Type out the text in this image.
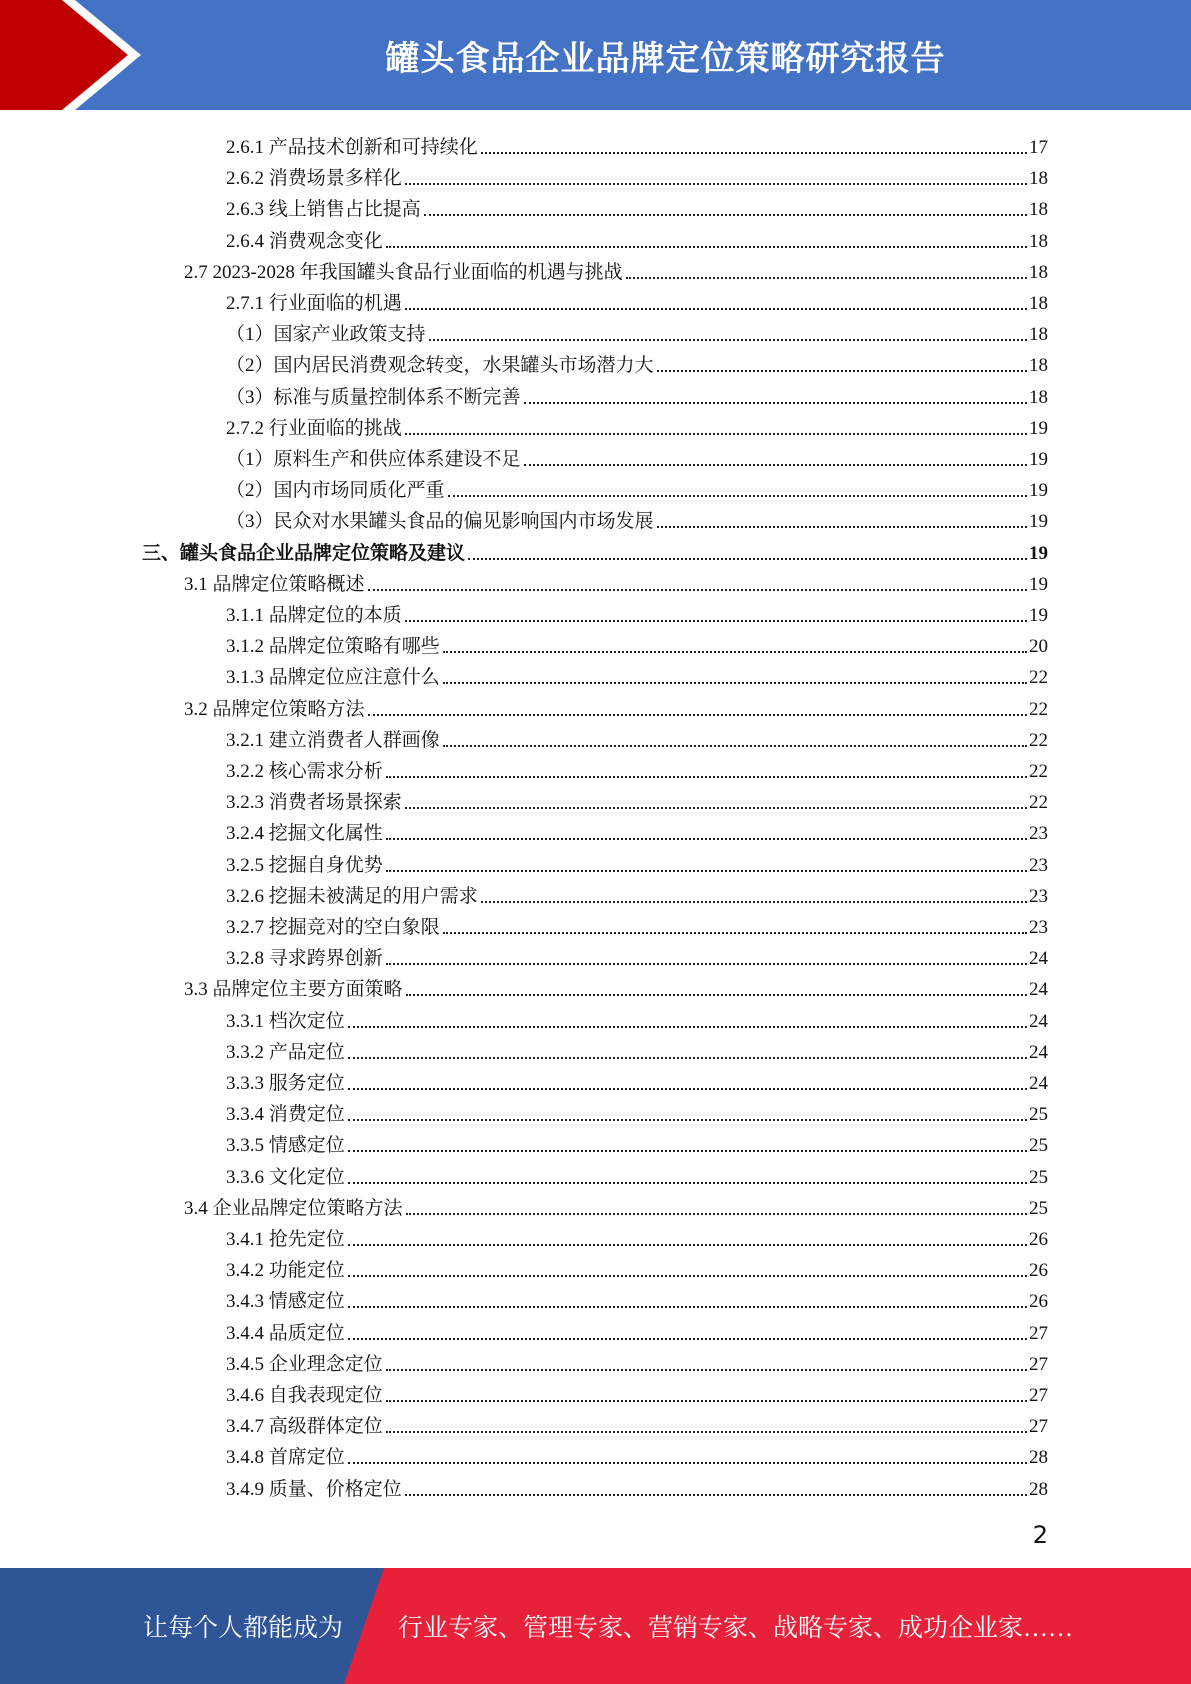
罐头食品企业品牌定位策略研究报告
2.6.1 产品技术创新和可持续化	17
2.6.2 消费场景多样化	18
2.6.3 线上销售占比提高	18
2.6.4 消费观念变化	18
2.7 2023-2028 年我国罐头食品行业面临的机遇与挑战	18
2.7.1 行业面临的机遇	18
（1）国家产业政策支持	18
（2）国内居民消费观念转变，水果罐头市场潜力大	18
（3）标准与质量控制体系不断完善	18
2.7.2 行业面临的挑战	19
（1）原料生产和供应体系建设不足	19
（2）国内市场同质化严重	19
（3）民众对水果罐头食品的偏见影响国内市场发展	19
三、罐头食品企业品牌定位策略及建议	19
3.1 品牌定位策略概述	19
3.1.1 品牌定位的本质	19
3.1.2 品牌定位策略有哪些	20
3.1.3 品牌定位应注意什么	22
3.2 品牌定位策略方法	22
3.2.1 建立消费者人群画像	22
3.2.2 核心需求分析	22
3.2.3 消费者场景探索	22
3.2.4 挖掘文化属性	23
3.2.5 挖掘自身优势	23
3.2.6 挖掘未被满足的用户需求	23
3.2.7 挖掘竞对的空白象限	23
3.2.8 寻求跨界创新	24
3.3 品牌定位主要方面策略	24
3.3.1 档次定位	24
3.3.2 产品定位	24
3.3.3 服务定位	24
3.3.4 消费定位	25
3.3.5 情感定位	25
3.3.6 文化定位	25
3.4 企业品牌定位策略方法	25
3.4.1 抢先定位	26
3.4.2 功能定位	26
3.4.3 情感定位	26
3.4.4 品质定位	27
3.4.5 企业理念定位	27
3.4.6 自我表现定位	27
3.4.7 高级群体定位	27
3.4.8 首席定位	28
3.4.9 质量、价格定位	28
2
让每个人都能成为 行业专家、管理专家、营销专家、战略专家、成功企业家……
